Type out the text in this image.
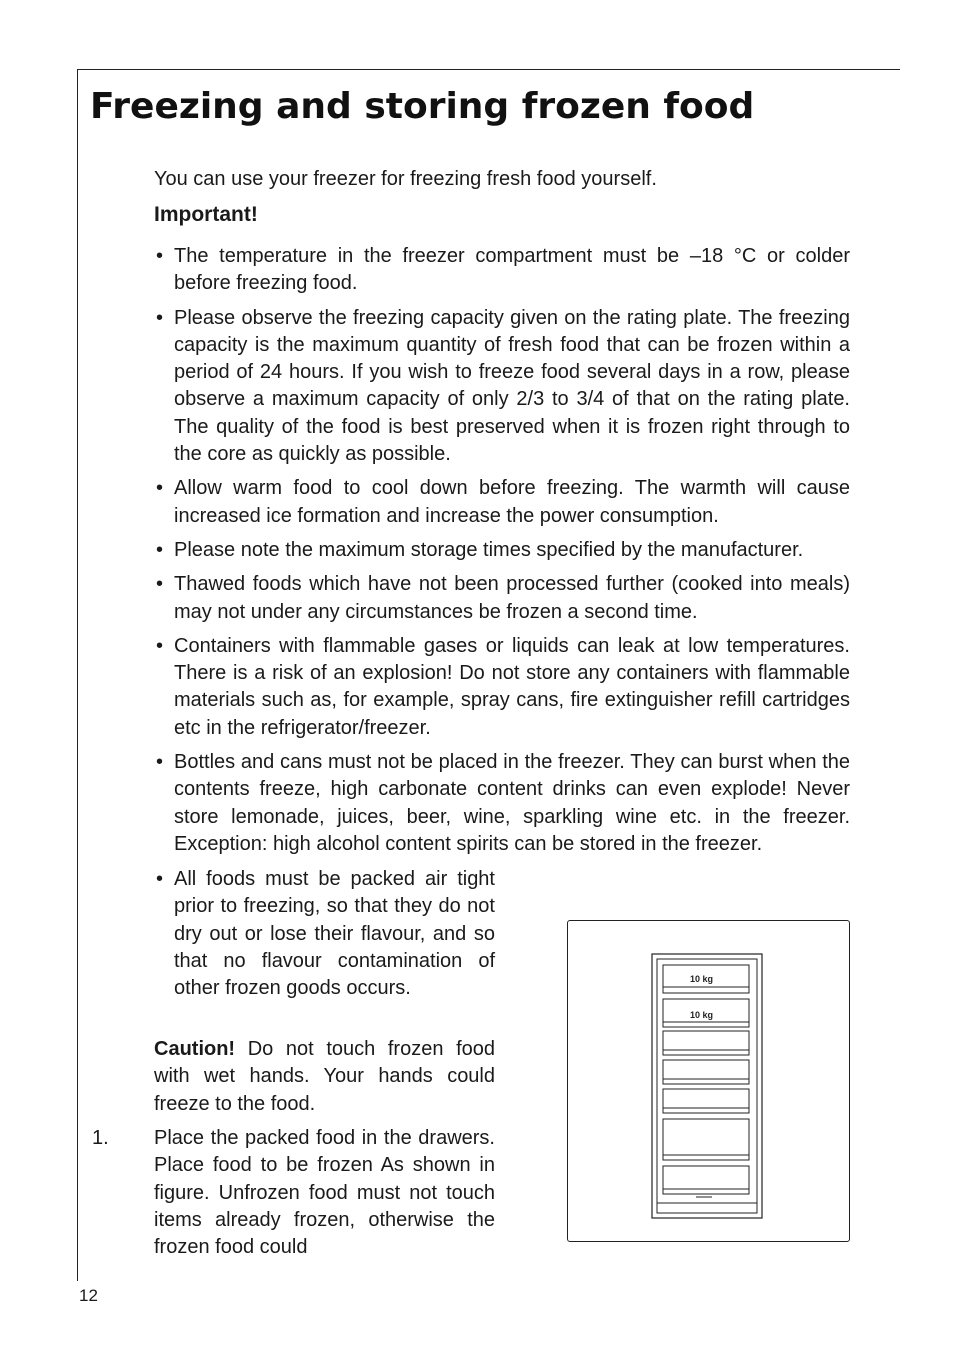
Freezing and storing frozen food

You can use your freezer for freezing fresh food yourself.

Important!

• The temperature in the freezer compartment must be –18 °C or colder before freezing food.
• Please observe the freezing capacity given on the rating plate. The freezing capacity is the maximum quantity of fresh food that can be frozen within a period of 24 hours. If you wish to freeze food several days in a row, please observe a maximum capacity of only 2/3 to 3/4 of that on the rating plate. The quality of the food is best preserved when it is frozen right through to the core as quickly as possible.
• Allow warm food to cool down before freezing. The warmth will cause increased ice formation and increase the power consumption.
• Please note the maximum storage times specified by the manufacturer.
• Thawed foods which have not been processed further (cooked into meals) may not under any circumstances be frozen a second time.
• Containers with flammable gases or liquids can leak at low temperatures. There is a risk of an explosion! Do not store any containers with flammable materials such as, for example, spray cans, fire extinguisher refill cartridges etc in the refrigerator/freezer.
• Bottles and cans must not be placed in the freezer. They can burst when the contents freeze, high carbonate content drinks can even explode! Never store lemonade, juices, beer, wine, sparkling wine etc. in the freezer. Exception: high alcohol content spirits can be stored in the freezer.
• All foods must be packed air tight prior to freezing, so that they do not dry out or lose their flavour, and so that no flavour contamination of other frozen goods occurs.

Caution! Do not touch frozen food with wet hands. Your hands could freeze to the food.

1. Place the packed food in the drawers. Place food to be frozen As shown in figure. Unfrozen food must not touch items already frozen, otherwise the frozen food could

10 kg
10 kg

12
